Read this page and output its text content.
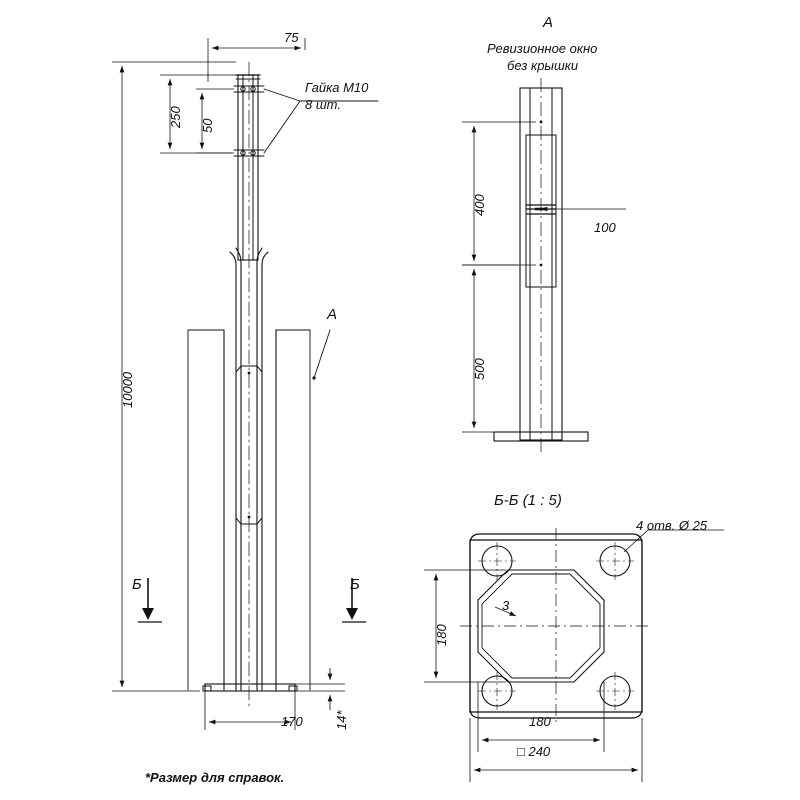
75
250 50
10000
Гайка М10
8 шт.
А
Б	Б
170 14*
А
Ревизионное окно
без крышки
400
500
100
Б-Б (1 : 5)
4 отв. Ø 25
180
3
180
□ 240
*Размер для справок.
